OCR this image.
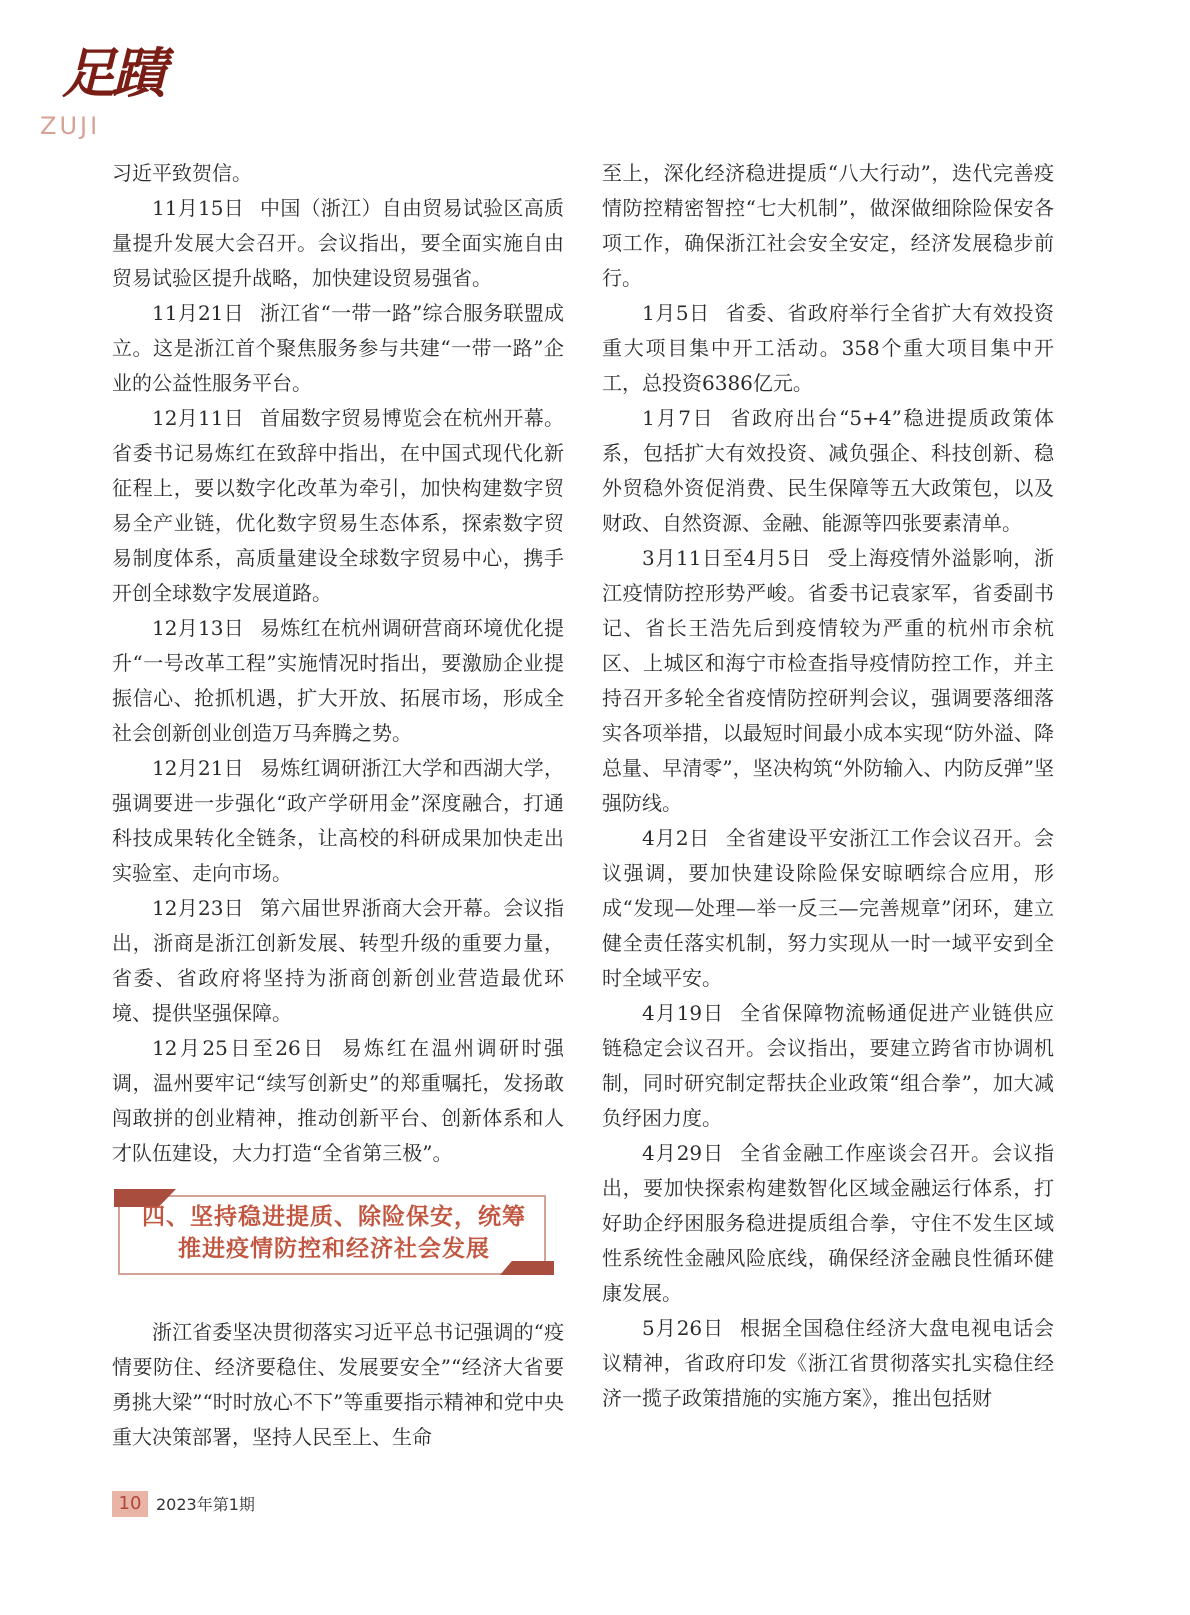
足蹟
ZUJI

习近平致贺信。

11月15日 中国（浙江）自由贸易试验区高质量提升发展大会召开。会议指出，要全面实施自由贸易试验区提升战略，加快建设贸易强省。

11月21日 浙江省“一带一路”综合服务联盟成立。这是浙江首个聚焦服务参与共建“一带一路”企业的公益性服务平台。

12月11日 首届数字贸易博览会在杭州开幕。省委书记易炼红在致辞中指出，在中国式现代化新征程上，要以数字化改革为牵引，加快构建数字贸易全产业链，优化数字贸易生态体系，探索数字贸易制度体系，高质量建设全球数字贸易中心，携手开创全球数字发展道路。

12月13日 易炼红在杭州调研营商环境优化提升“一号改革工程”实施情况时指出，要激励企业提振信心、抢抓机遇，扩大开放、拓展市场，形成全社会创新创业创造万马奔腾之势。

12月21日 易炼红调研浙江大学和西湖大学，强调要进一步强化“政产学研用金”深度融合，打通科技成果转化全链条，让高校的科研成果加快走出实验室、走向市场。

12月23日 第六届世界浙商大会开幕。会议指出，浙商是浙江创新发展、转型升级的重要力量，省委、省政府将坚持为浙商创新创业营造最优环境、提供坚强保障。

12月25日至26日 易炼红在温州调研时强调，温州要牢记“续写创新史”的郑重嘱托，发扬敢闯敢拼的创业精神，推动创新平台、创新体系和人才队伍建设，大力打造“全省第三极”。

四、坚持稳进提质、除险保安，统筹
推进疫情防控和经济社会发展

浙江省委坚决贯彻落实习近平总书记强调的“疫情要防住、经济要稳住、发展要安全”“经济大省要勇挑大梁”“时时放心不下”等重要指示精神和党中央重大决策部署，坚持人民至上、生命

至上，深化经济稳进提质“八大行动”，迭代完善疫情防控精密智控“七大机制”，做深做细除险保安各项工作，确保浙江社会安全安定，经济发展稳步前行。

1月5日 省委、省政府举行全省扩大有效投资重大项目集中开工活动。358个重大项目集中开工，总投资6386亿元。

1月7日 省政府出台“5+4”稳进提质政策体系，包括扩大有效投资、减负强企、科技创新、稳外贸稳外资促消费、民生保障等五大政策包，以及财政、自然资源、金融、能源等四张要素清单。

3月11日至4月5日 受上海疫情外溢影响，浙江疫情防控形势严峻。省委书记袁家军，省委副书记、省长王浩先后到疫情较为严重的杭州市余杭区、上城区和海宁市检查指导疫情防控工作，并主持召开多轮全省疫情防控研判会议，强调要落细落实各项举措，以最短时间最小成本实现“防外溢、降总量、早清零”，坚决构筑“外防输入、内防反弹”坚强防线。

4月2日 全省建设平安浙江工作会议召开。会议强调，要加快建设除险保安晾晒综合应用，形成“发现—处理—举一反三—完善规章”闭环，建立健全责任落实机制，努力实现从一时一域平安到全时全域平安。

4月19日 全省保障物流畅通促进产业链供应链稳定会议召开。会议指出，要建立跨省市协调机制，同时研究制定帮扶企业政策“组合拳”，加大减负纾困力度。

4月29日 全省金融工作座谈会召开。会议指出，要加快探索构建数智化区域金融运行体系，打好助企纾困服务稳进提质组合拳，守住不发生区域性系统性金融风险底线，确保经济金融良性循环健康发展。

5月26日 根据全国稳住经济大盘电视电话会议精神，省政府印发《浙江省贯彻落实扎实稳住经济一揽子政策措施的实施方案》，推出包括财

10 2023年第1期
